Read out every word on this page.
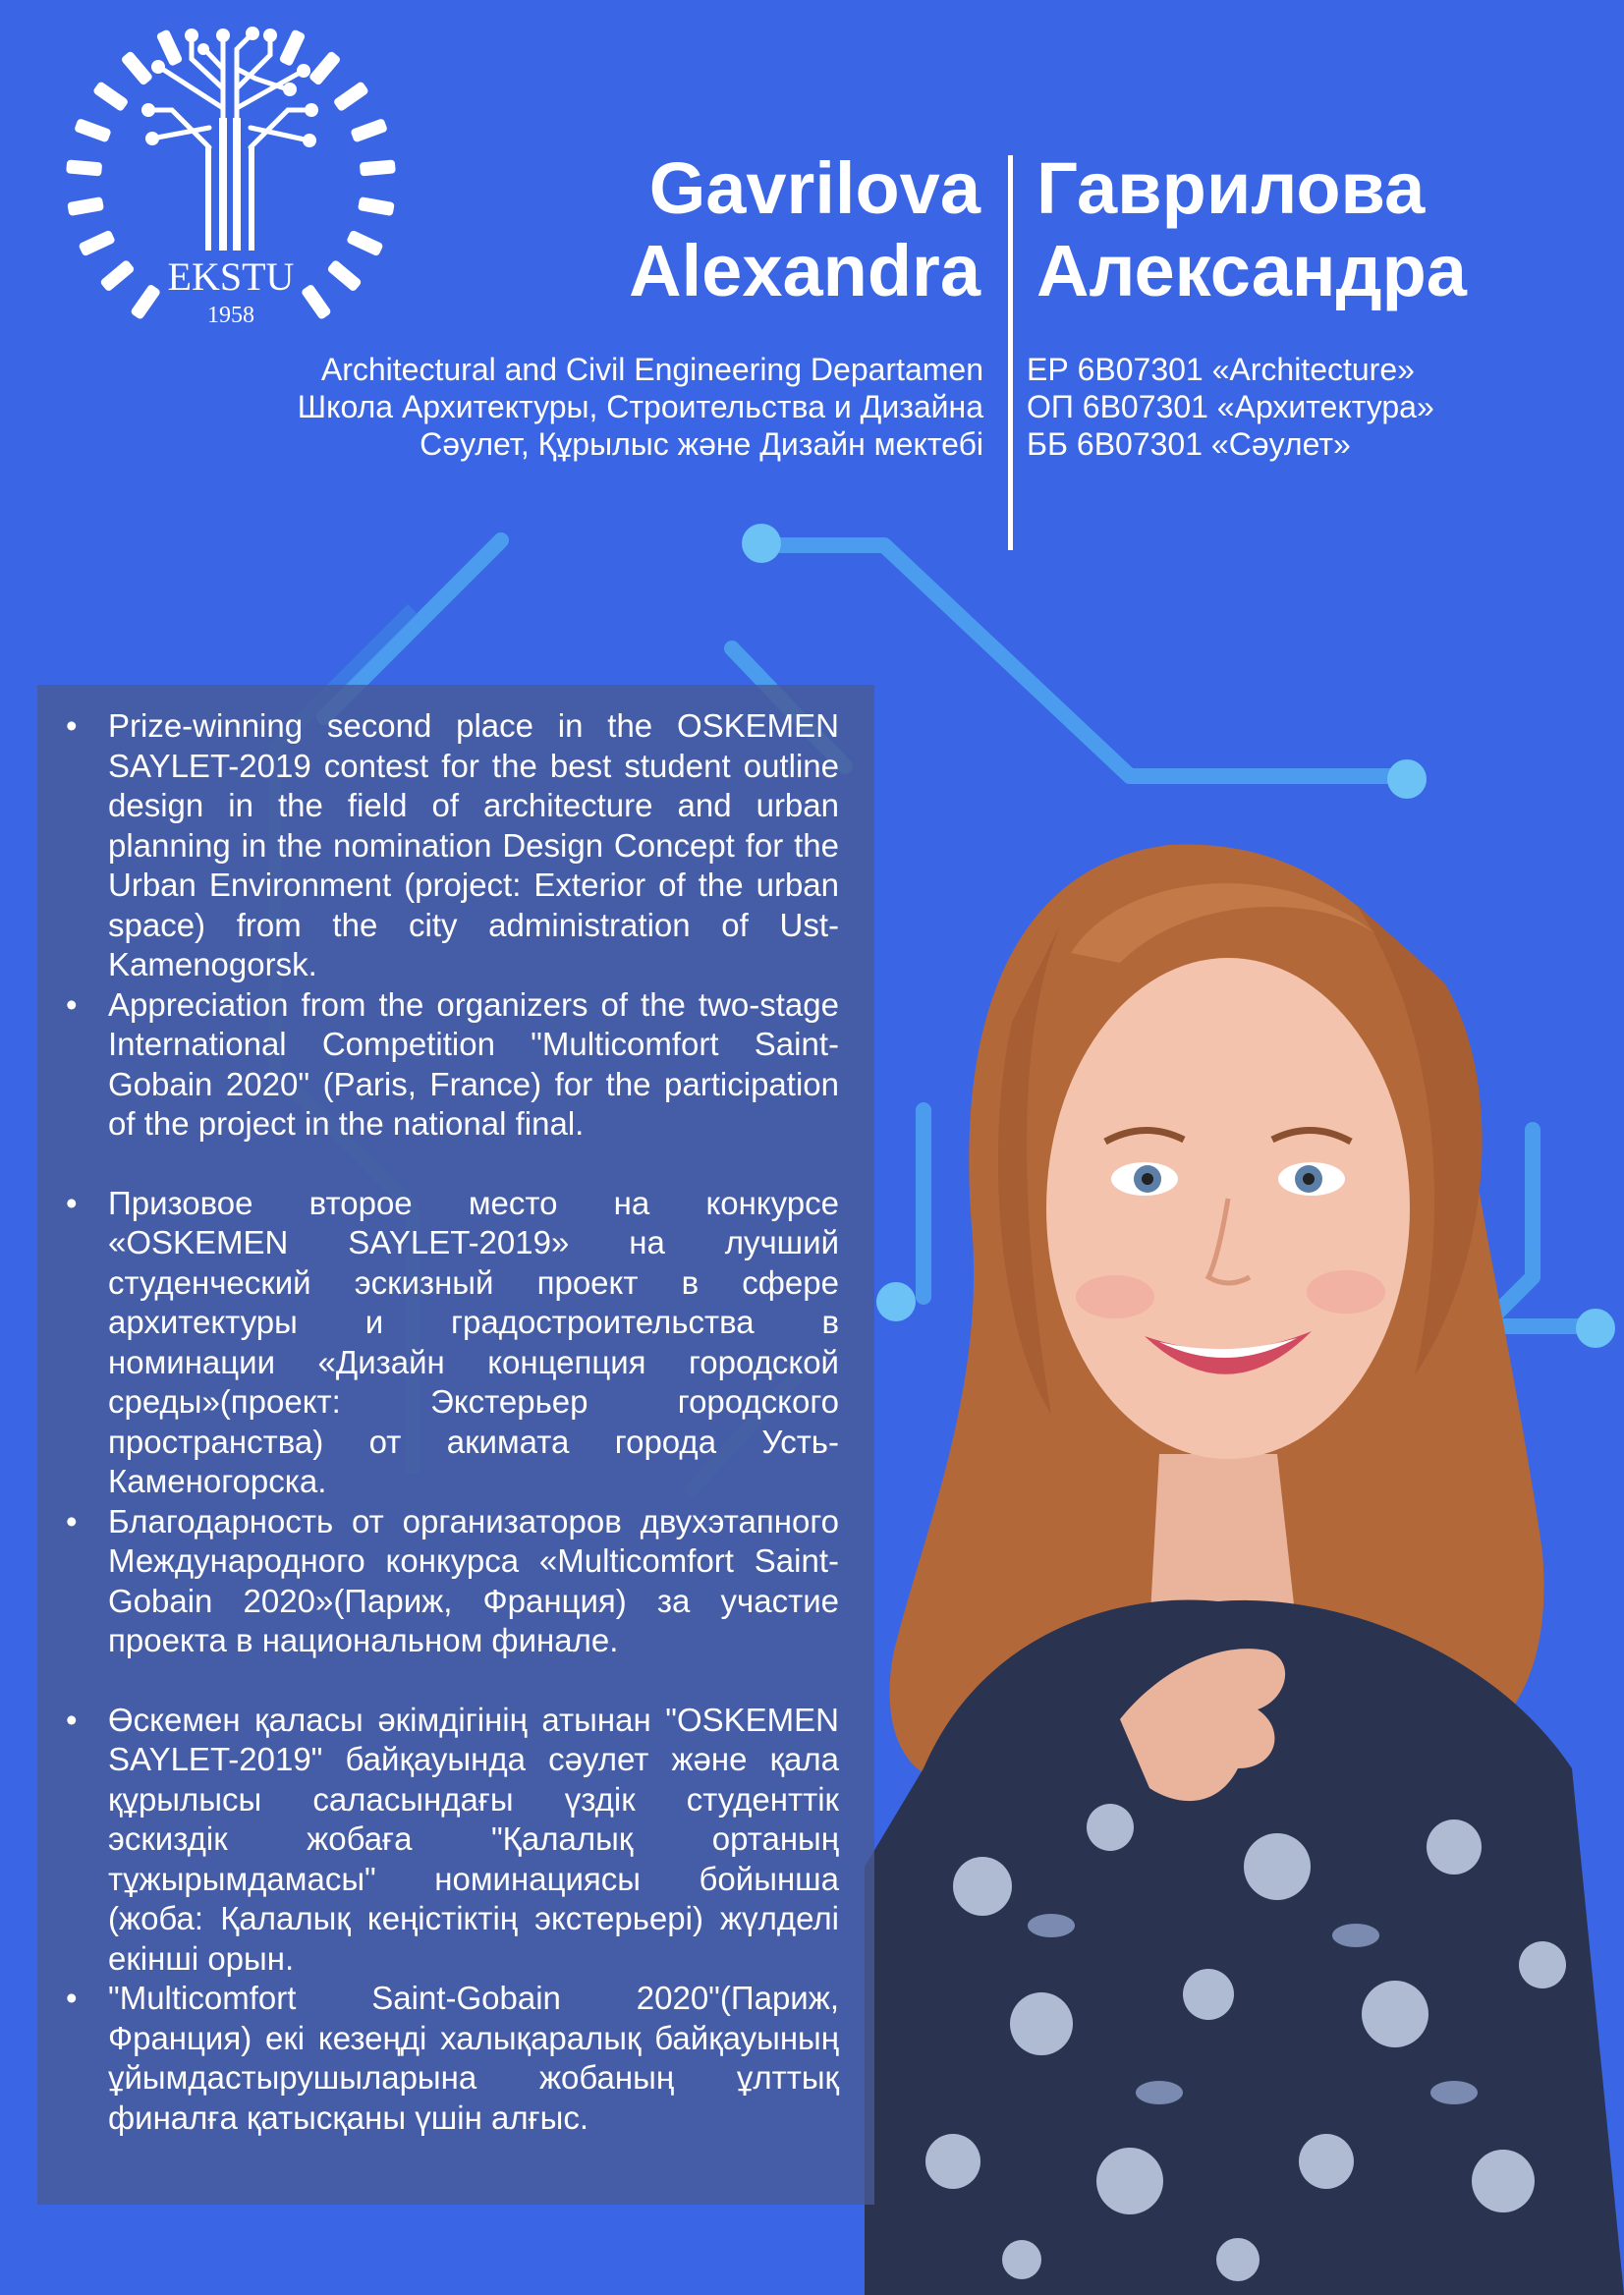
EKSTU
1958
Gavrilova
Alexandra
Гаврилова
Александра
Architectural and Civil Engineering Departamen
Школа Архитектуры, Строительства и Дизайна
Сәулет, Құрылыс және Дизайн мектебі
ЕР 6В07301 «Architecture»
ОП 6В07301 «Архитектура»
ББ 6В07301 «Сәулет»
• Prize-winning second place in the OSKEMEN SAYLET-2019 contest for the best student outline design in the field of architecture and urban planning in the nomination Design Concept for the Urban Environment (project: Exterior of the urban space) from the city administration of Ust-Kamenogorsk.
• Appreciation from the organizers of the two-stage International Competition "Multicomfort Saint-Gobain 2020" (Paris, France) for the participation of the project in the national final.
• Призовое второе место на конкурсе «OSKEMEN SAYLET-2019» на лучший студенческий эскизный проект в сфере архитектуры и градостроительства в номинации «Дизайн концепция городской среды»(проект: Экстерьер городского пространства) от акимата города Усть-Каменогорска.
• Благодарность от организаторов двухэтапного Международного конкурса «Multicomfort Saint-Gobain 2020»(Париж, Франция) за участие проекта в национальном финале.
• Өскемен қаласы әкімдігінің атынан "OSKEMEN SAYLET-2019" байқауында сәулет және қала құрылысы саласындағы үздік студенттік эскиздік жобаға "Қалалық ортаның тұжырымдамасы" номинациясы бойынша (жоба: Қалалық кеңістіктің экстерьері) жүлделі екінші орын.
• "Multicomfort Saint-Gobain 2020"(Париж, Франция) екі кезеңді халықаралық байқауының ұйымдастырушыларына жобаның ұлттық финалға қатысқаны үшін алғыс.
